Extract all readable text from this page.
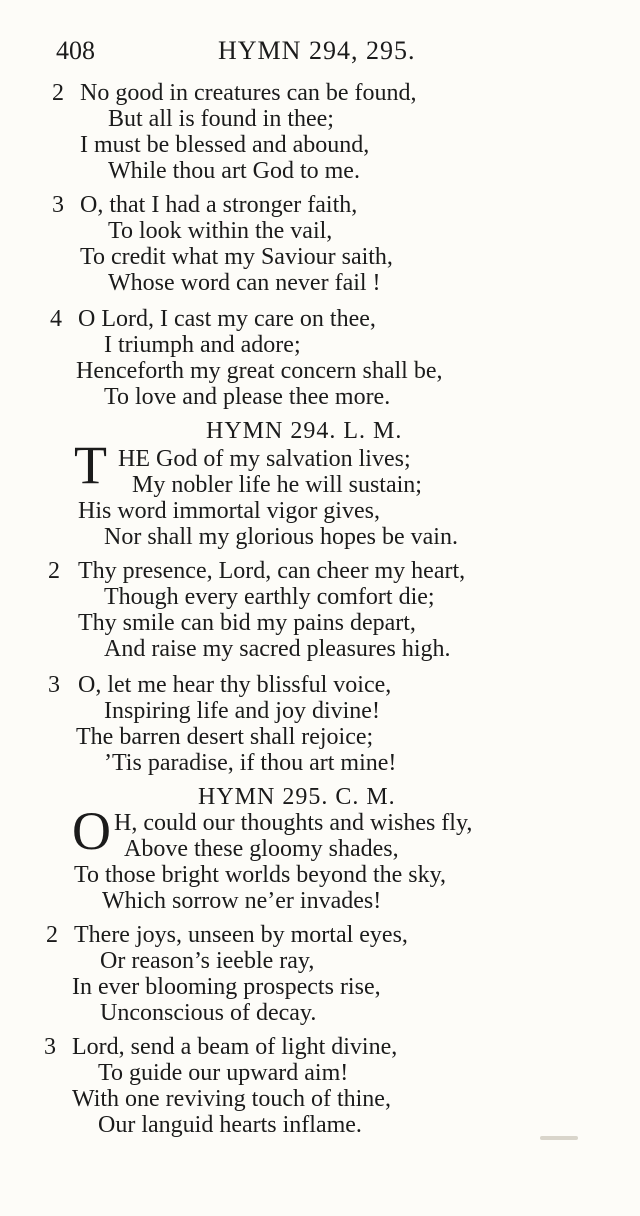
408	HYMN 294, 295.
2 No good in creatures can be found,
But all is found in thee;
I must be blessed and abound,
While thou art God to me.
3 O, that I had a stronger faith,
To look within the vail,
To credit what my Saviour saith,
Whose word can never fail !
4 O Lord, I cast my care on thee,
I triumph and adore;
Henceforth my great concern shall be,
To love and please thee more.
HYMN 294. L. M.
T HE God of my salvation lives;
My nobler life he will sustain;
His word immortal vigor gives,
Nor shall my glorious hopes be vain.
2 Thy presence, Lord, can cheer my heart,
Though every earthly comfort die;
Thy smile can bid my pains depart,
And raise my sacred pleasures high.
3 O, let me hear thy blissful voice,
Inspiring life and joy divine!
The barren desert shall rejoice;
’Tis paradise, if thou art mine!
HYMN 295. C. M.
O H, could our thoughts and wishes fly,
Above these gloomy shades,
To those bright worlds beyond the sky,
Which sorrow ne’er invades!
2 There joys, unseen by mortal eyes,
Or reason’s ieeble ray,
In ever blooming prospects rise,
Unconscious of decay.
3 Lord, send a beam of light divine,
To guide our upward aim!
With one reviving touch of thine,
Our languid hearts inflame.
